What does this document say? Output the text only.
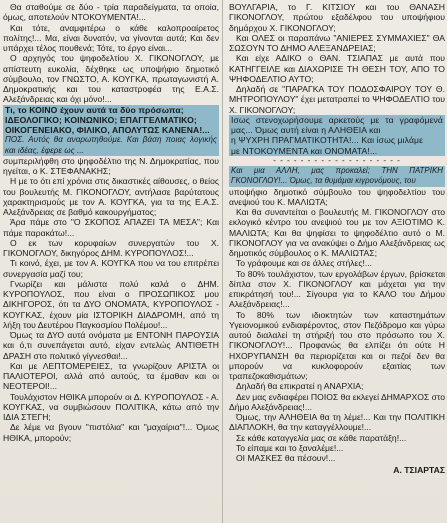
Θα σταθούμε σε δύο - τρία παραδείγματα, τα οποία, όμως, αποτελούν ΝΤΟΚΟΥΜΕΝΤΑ!...

Και τότε, αναμφιτέρω ο κάθε καλοπροαίρετος πολίτης!... Μα, είναι δυνατόν, να γίνονται αυτά; Και δεν υπάρχει τέλος πουθενά; Τότε, το έργο είναι...

Ο αρχηγός του ψηφοδελτίου Χ. ΓΙΚΟΝΟΓΛΟΥ, με απίστευτη ευκολία, δέχθηκε ως υποψήφιο δημοτικό σύμβουλο, τον ΓΝΩΣΤΟ, Α. ΚΟΥΓΚΑ, πρωταγωνιστή Α. Δημοκρατικής και του καταστροφέα της Ε.Α.Σ. Αλεξάνδρειας και όχι μόνο!...

Τι, το ΚΟΙΝΟ έχουν αυτά τα δύο πρόσωπα;

ΙΔΕΟΛΟΓΙΚΟ; ΚΟΙΝΩΝΙΚΟ; ΕΠΑΓΓΕΛΜΑΤΙΚΟ;

ΟΙΚΟΓΕΝΕΙΑΚΟ, ΦΙΛΙΚΟ, ΑΠΟΛΥΤΩΣ ΚΑΝΕΝΑ!...

ΠΟΣ. Αυτός θα αναρωτηθούμε. Και βάση ποιας λογικής και ιδέας, έφερε ως ...

συμπεριλήφθη στο ψηφοδέλτιο της Ν. Δημοκρατίας, που ηγείται, ο Κ. ΣΤΕΦΑΝΑΚΗΣ;

Η με το ότι επί χρόνια στις δικαστικές αίθουσες, ο θείος του βουλευτής Μ. ΓΙΚΟΝΟΓΛΟΥ, αντήλασε βαρύτατους χαρακτηρισμούς με τον Α. ΚΟΥΓΚΑ, για τα της Ε.Α.Σ. Αλεξάνδρειας σε βαθμό κακουργήματος;

Άρα πάμε στο "Ο ΣΚΟΠΟΣ ΑΠΑΖΕΙ ΤΑ ΜΕΣΑ"; Και πάμε παρακάτω!...

Ο εκ των κορυφαίων συνεργατών του Χ. ΓΙΚΟΝΟΓΛΟΥ, δικηγόρος ΔΗΜ. ΚΥΡΟΠΟΥΛΟΣ!...

Τι κοινό, έχει, με τον Α. ΚΟΥΓΚΑ που να του επιτρέπει συνεργασία μαζί του;

Γνωρίζει και μάλιστα πολύ καλά ο ΔΗΜ. ΚΥΡΟΠΟΥΛΟΣ, που είναι ο ΠΡΟΣΩΠΙΚΟΣ μου ΔΙΚΗΓΟΡΟΣ, ότι τα ΔΥΟ ΟΝΟΜΑΤΑ, ΚΥΡΟΠΟΥΛΟΣ - ΚΟΥΓΚΑΣ, έχουν μία ΙΣΤΟΡΙΚΗ ΔΙΑΔΡΟΜΗ, από τη λήξη του Δευτέρου Παγκοσμίου Πολέμου!...

Όμως τα ΔΥΟ αυτά ονόματα με ΕΝΤΟΝΗ ΠΑΡΟΥΣΙΑ και ό,τι συνεπάγεται αυτό, είχαν εντελώς ΑΝΤΙΘΕΤΗ ΔΡΑΣΗ στο πολιτικό γίγνεσθαι!...

Και με ΛΕΠΤΟΜΕΡΕΙΕΣ, τα γνωρίζουν ΑΡΙΣΤΑ οι ΠΑΛΙΟΤΕΡΟΙ, αλλά από αυτούς, τα έμαθαν και οι ΝΕΟΤΕΡΟΙ!...

Τουλάχιστον ΗΘΙΚΑ μπορούν οι Δ. ΚΥΡΟΠΟΥΛΟΣ - Α. ΚΟΥΓΚΑΣ, να συμβιώσουν ΠΟΛΙΤΙΚΑ, κάτω από την ΙΔΙΑ ΣΤΕΓΗ;

Δε λέμε να βγουν "πιστόλια" και "μαχαίρια"!... Όμως ΗΘΙΚΑ, μπορούν;

ΒΟΥΛΓΑΡΙΑ, το Γ. ΚΙΤΣΙΟΥ και του ΘΑΝΑΣΗ ΓΙΚΟΝΟΓΛΟΥ, πρώτου εξαδέλφου του υποψήφιου δημάρχου Χ. ΓΙΚΟΝΟΓΛΟΥ;

Και ΟΛΕΣ οι παραπάνω "ΑΝΙΕΡΕΣ ΣΥΜΜΑΧΙΕΣ" ΘΑ ΣΩΣΟΥΝ ΤΟ ΔΗΜΟ ΑΛΕΞΑΝΔΡΕΙΑΣ;

Και είχε ΑΔΙΚΟ ο ΘΑΝ. ΤΣΙΑΠΑΣ με αυτά που ΚΑΤΗΓΓΕΙΛΕ και ΔΙΑΧΩΡΙΣΕ ΤΗ ΘΕΣΗ ΤΟΥ, ΑΠΟ ΤΟ ΨΗΦΟΔΕΛΤΙΟ ΑΥΤΟ;

Δηλαδή σε "ΠΑΡΑΓΚΑ ΤΟΥ ΠΟΔΟΣΦΑΙΡΟΥ ΤΟΥ Θ. ΜΗΤΡΟΠΟΥΛΟΥ" έχει μετατραπεί το ΨΗΦΟΔΕΛΤΙΟ του Χ. ΓΙΚΟΝΟΓΛΟΥ;

Ισως στενοχωρήσουμε αρκετούς με τα γραφόμενά μας... Όμως αυτή είναι η ΑΛΗΘΕΙΑ και

η ΨΥΧΡΗ ΠΡΑΓΜΑΤΙΚΟΤΗΤΑ!... Και ίσως μιλάμε

με ΝΤΟΚΟΥΜΕΝΤΑ και ΟΝΟΜΑΤΑ!...

- - - - - - - - - - - - - - - - - - -

Και μια ΑΛΛΗ, μας προκαλεί; ΤΗΝ ΠΑΤΡΙΚΗ ΓΚΟΝΟΓΛΟΥ!... Όμως, τα θυμάμαι κιγρονόμους, του

υποψήφιο δημοτικό σύμβουλο του ψηφοδελτίου του ανεψιού του Κ. ΜΑΛΙΩΤΑ;

Και θα συναντείται ο βουλευτής Μ. ΓΙΚΟΝΟΓΛΟΥ στο εκλογικό κέντρο του ανεψιού του με τον ΑΞΙΟΤΙΜΟ Κ. ΜΑΛΙΩΤΑ; Και θα ψηφίσει το ψηφοδέλτιο αυτό ο Μ. ΓΙΚΟΝΟΓΛΟΥ για να ανακύψει ο Δήμο Αλεξάνδρειας ως δημοτικός σύμβουλος ο Κ. ΜΑΛΙΩΤΑΣ;

Το γράφουμε και σε άλλες στήλες!...

Το 80% τουλάχιστον, των εργολάβων έργων, βρίσκεται δίπλα στον Χ. ΓΙΚΟΝΟΓΛΟΥ και μάχεται για την επικράτησή του!... Σίγουρα για το ΚΑΛΟ του Δήμου Αλεξάνδρειας!...

Το 80% των ιδιοκτητών των καταστημάτων Υγειονομικού ενδιαφέροντος, στον Πεζόδρομο και γύρω αυτού διαλαλεί τη στήριξή του στο πρόσωπο του Χ. ΓΙΚΟΝΟΓΛΟΥ!... Προφανώς θα ελπίζει ότι ούτε Η ΗΧΟΡΥΠΑΝΣΗ θα περιορίζεται και οι πεζοί δεν θα μπορούν να κυκλοφορούν εξαιτίας των τραπεζοκαθισμάτων;

Δηλαδή θα επικρατεί η ΑΝΑΡΧΙΑ;

Δεν μας ενδιαφέρει ΠΟΙΟΣ θα εκλεγεί ΔΗΜΑΡΧΟΣ στο Δήμο Αλεξάνδρειας!...

Όμως, την ΑΛΗΘΕΙΑ θα τη λέμε!... Και την ΠΟΛΙΤΙΚΗ ΔΙΑΠΛΟΚΗ, θα την καταγγέλλουμε!...

Σε κάθε καταγγελία μας σε κάθε παρατάξη!...

Το είπαμε και το ξαναλέμε!...

ΟΙ ΜΑΣΚΕΣ θα πέσουν!...

Α. ΤΣΙΑΡΤΑΣ
